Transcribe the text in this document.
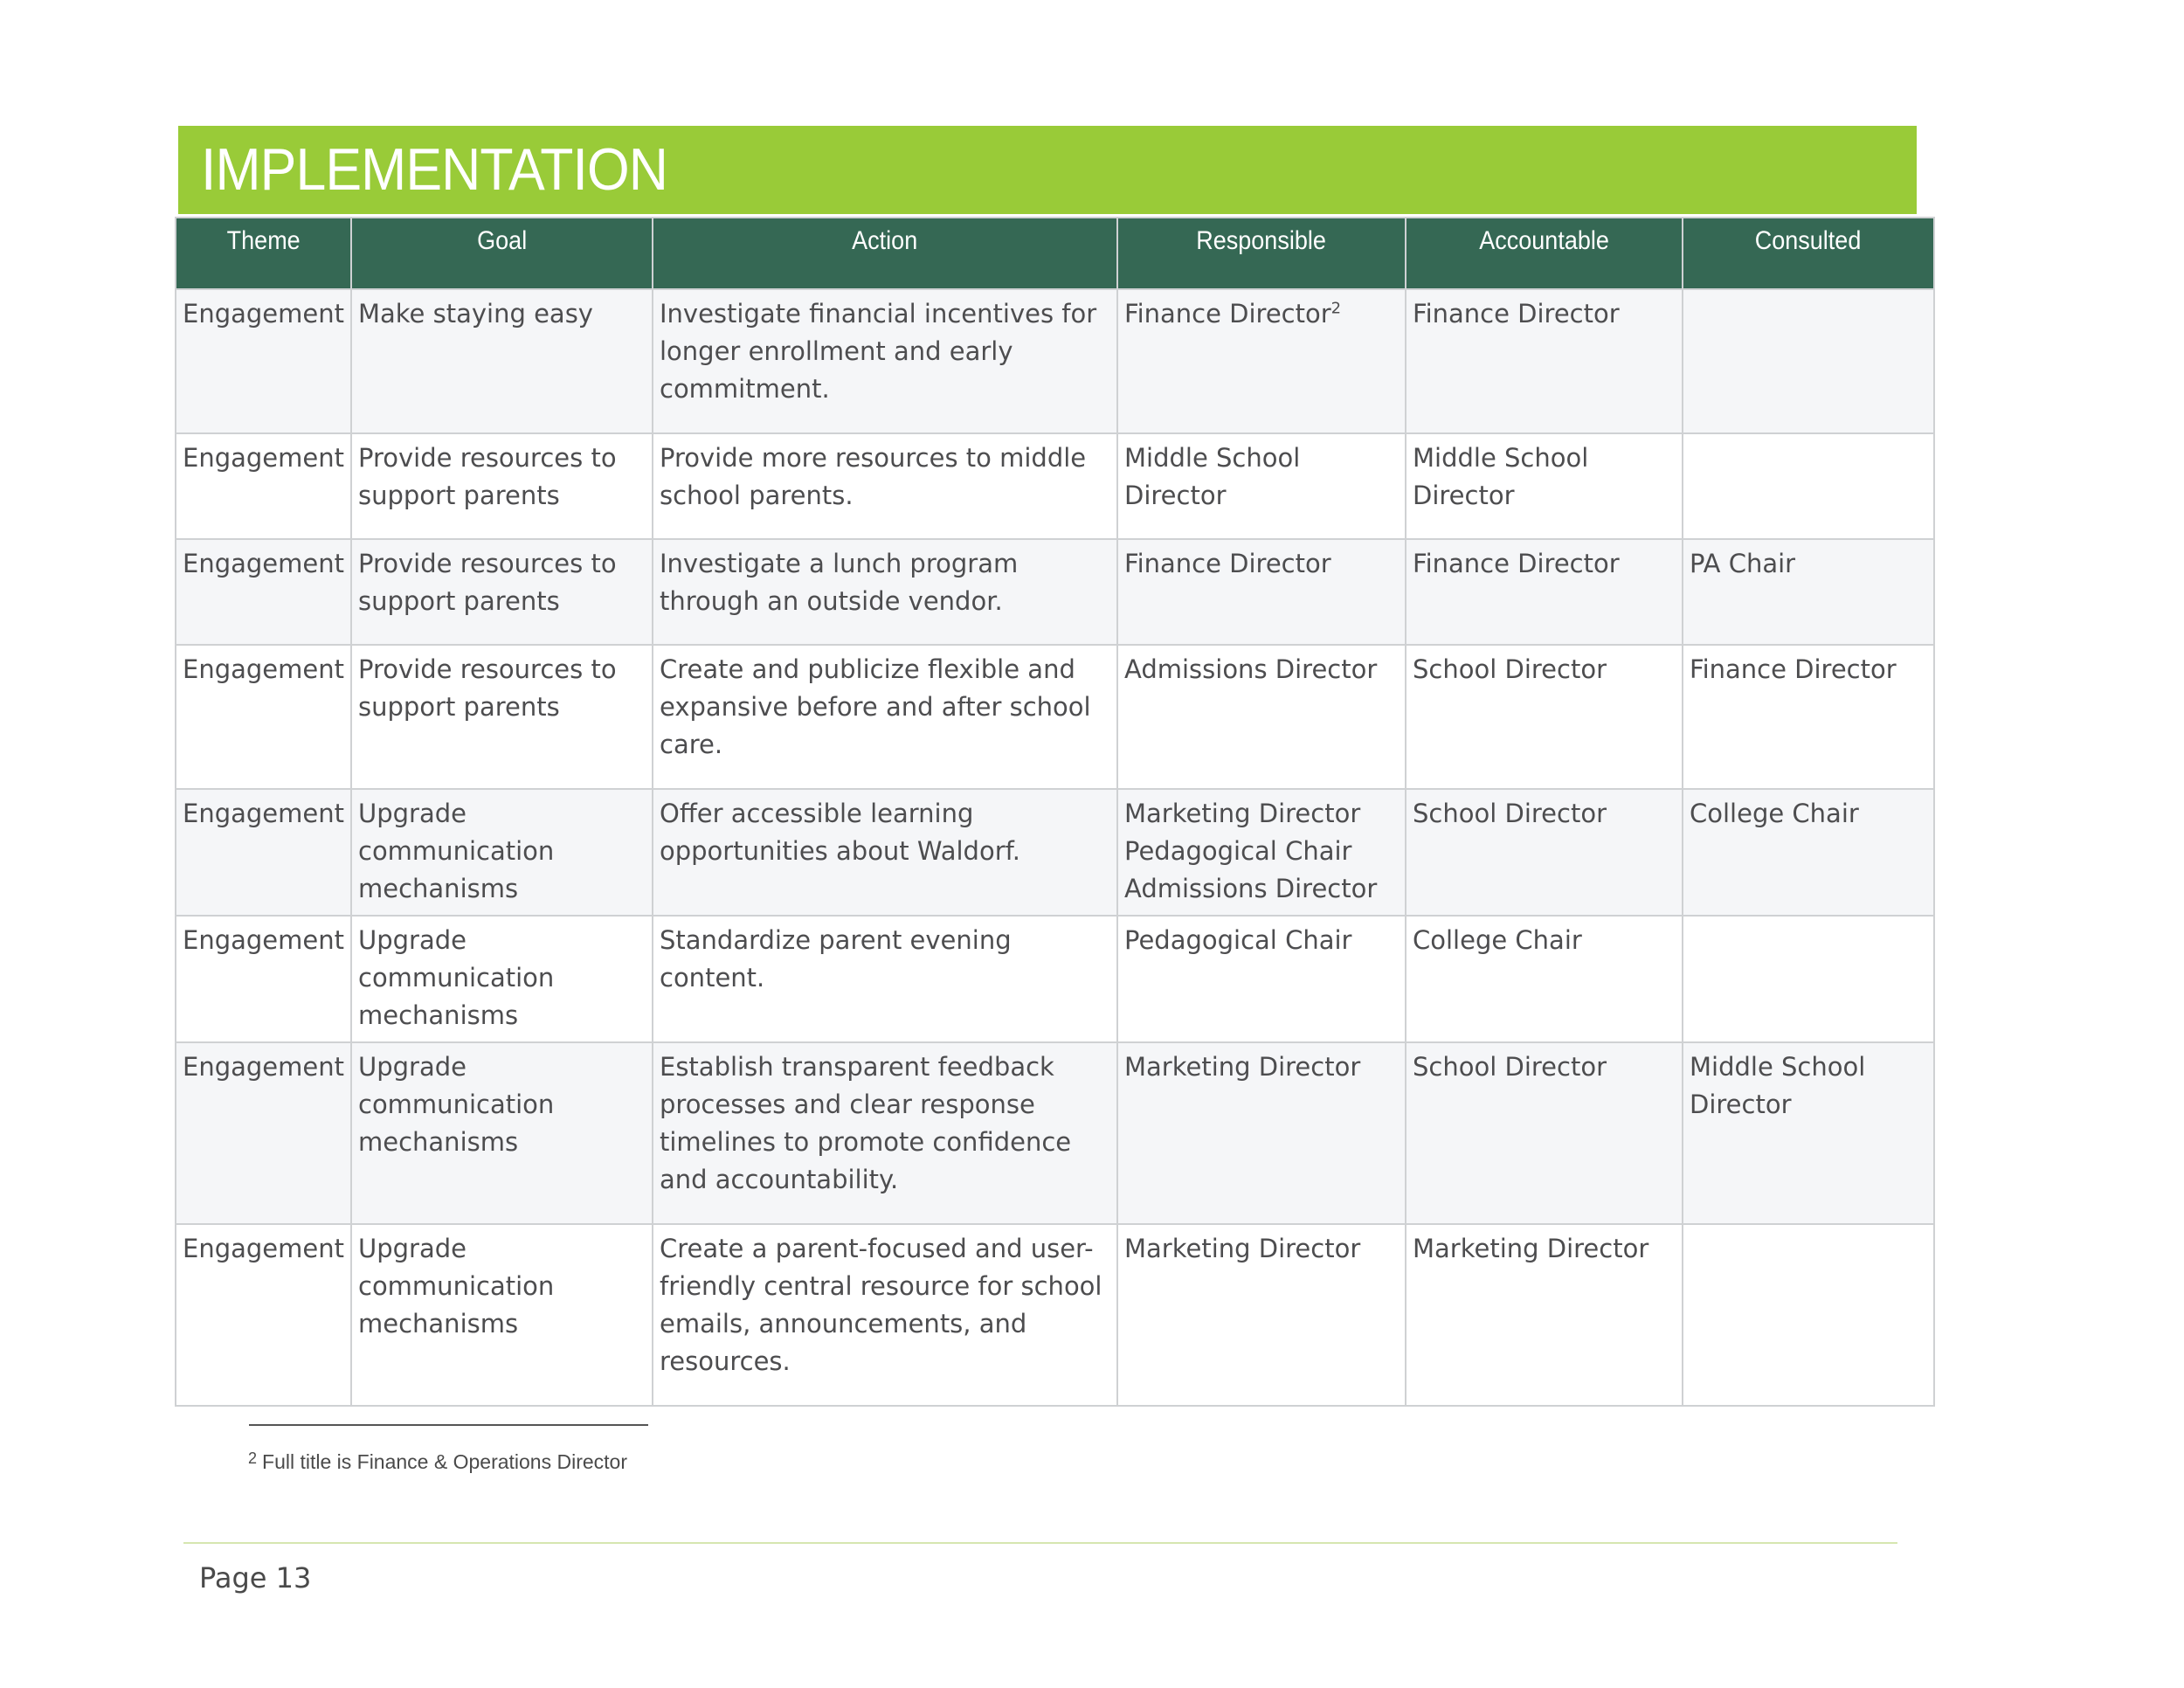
IMPLEMENTATION
Theme	Goal	Action	Responsible	Accountable	Consulted
Engagement	Make staying easy	Investigate financial incentives for longer enrollment and early commitment.	Finance Director$^2$	Finance Director	
Engagement	Provide resources to support parents	Provide more resources to middle school parents.	Middle School Director	Middle School Director	
Engagement	Provide resources to support parents	Investigate a lunch program through an outside vendor.	Finance Director	Finance Director	PA Chair
Engagement	Provide resources to support parents	Create and publicize flexible and expansive before and after school care.	Admissions Director	School Director	Finance Director
Engagement	Upgrade communication mechanisms	Offer accessible learning opportunities about Waldorf.	Marketing Director Pedagogical Chair Admissions Director	School Director	College Chair
Engagement	Upgrade communication mechanisms	Standardize parent evening content.	Pedagogical Chair	College Chair	
Engagement	Upgrade communication mechanisms	Establish transparent feedback processes and clear response timelines to promote confidence and accountability.	Marketing Director	School Director	Middle School Director
Engagement	Upgrade communication mechanisms	Create a parent-focused and user-friendly central resource for school emails, announcements, and resources.	Marketing Director	Marketing Director	
$^2$ Full title is Finance & Operations Director
Page 13
